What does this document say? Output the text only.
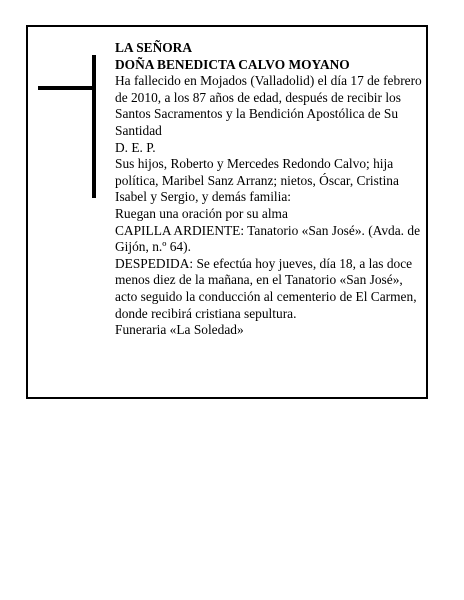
LA SEÑORA

DOÑA BENEDICTA CALVO MOYANO

Ha fallecido en Mojados (Valladolid) el día 17 de febrero de 2010, a los 87 años de edad, después de recibir los Santos Sacramentos y la Bendición Apostólica de Su Santidad

D. E. P.

Sus hijos, Roberto y Mercedes Redondo Calvo; hija política, Maribel Sanz Arranz; nietos, Óscar, Cristina Isabel y Sergio, y demás familia:

Ruegan una oración por su alma

CAPILLA ARDIENTE: Tanatorio «San José». (Avda. de Gijón, n.º 64).

DESPEDIDA: Se efectúa hoy jueves, día 18, a las doce menos diez de la mañana, en el Tanatorio «San José», acto seguido la conducción al cementerio de El Carmen, donde recibirá cristiana sepultura.

Funeraria «La Soledad»
